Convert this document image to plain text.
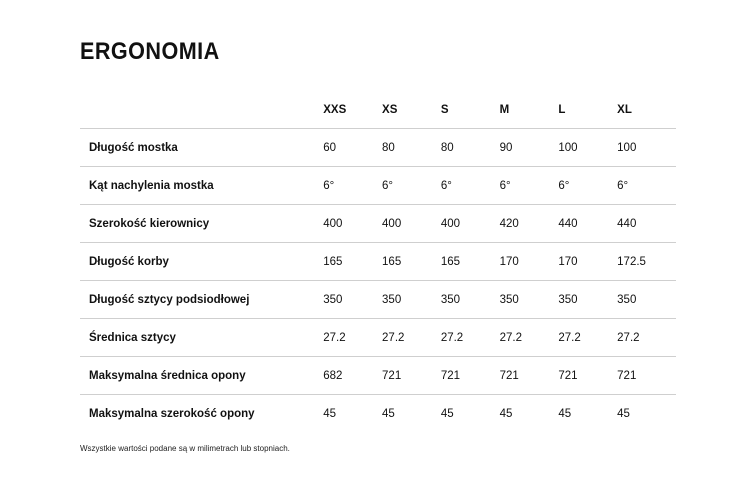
ERGONOMIA
	XXS	XS	S	M	L	XL
Długość mostka	60	80	80	90	100	100
Kąt nachylenia mostka	6°	6°	6°	6°	6°	6°
Szerokość kierownicy	400	400	400	420	440	440
Długość korby	165	165	165	170	170	172.5
Długość sztycy podsiodłowej	350	350	350	350	350	350
Średnica sztycy	27.2	27.2	27.2	27.2	27.2	27.2
Maksymalna średnica opony	682	721	721	721	721	721
Maksymalna szerokość opony	45	45	45	45	45	45
Wszystkie wartości podane są w milimetrach lub stopniach.
